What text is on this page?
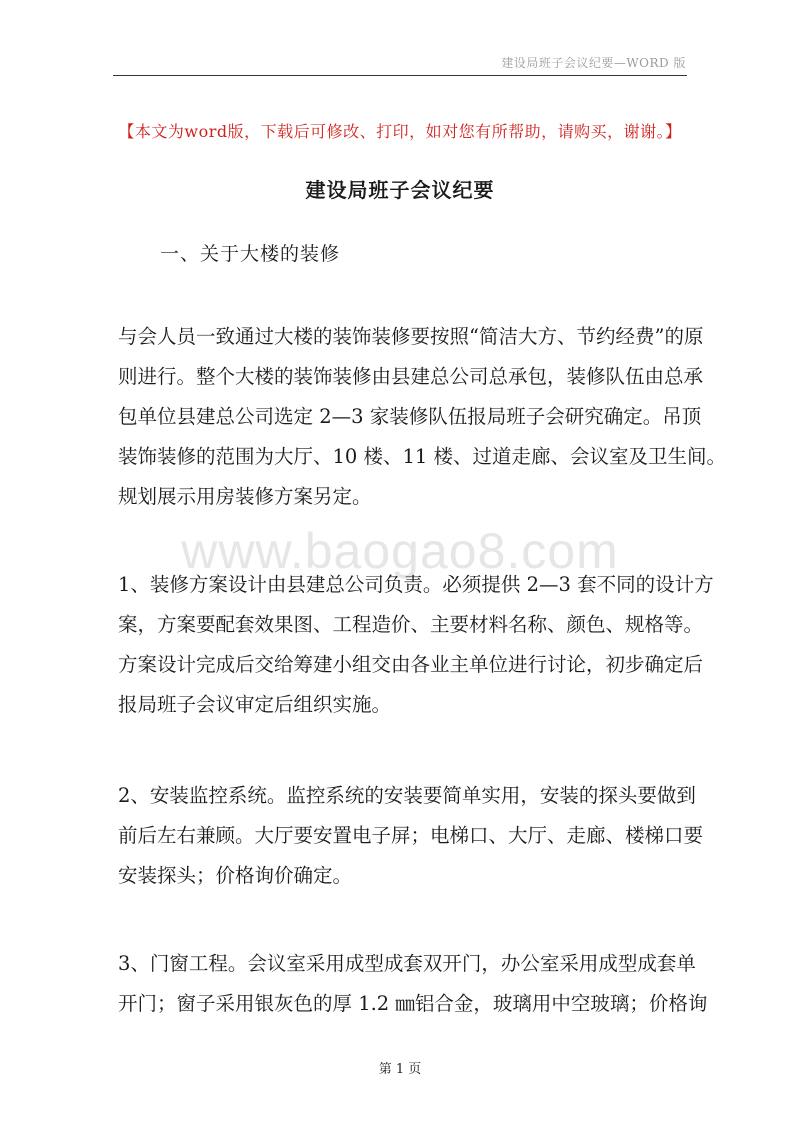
建设局班子会议纪要—WORD 版
【本文为word版，下载后可修改、打印，如对您有所帮助，请购买，谢谢。】
建设局班子会议纪要
一、关于大楼的装修
与会人员一致通过大楼的装饰装修要按照“简洁大方、节约经费”的原
则进行。整个大楼的装饰装修由县建总公司总承包，装修队伍由总承
包单位县建总公司选定 2—3 家装修队伍报局班子会研究确定。吊顶
装饰装修的范围为大厅、10 楼、11 楼、过道走廊、会议室及卫生间。
规划展示用房装修方案另定。
www.baogao8.com
1、装修方案设计由县建总公司负责。必须提供 2—3 套不同的设计方
案，方案要配套效果图、工程造价、主要材料名称、颜色、规格等。
方案设计完成后交给筹建小组交由各业主单位进行讨论，初步确定后
报局班子会议审定后组织实施。
2、安装监控系统。监控系统的安装要简单实用，安装的探头要做到
前后左右兼顾。大厅要安置电子屏；电梯口、大厅、走廊、楼梯口要
安装探头；价格询价确定。
3、门窗工程。会议室采用成型成套双开门，办公室采用成型成套单
开门；窗子采用银灰色的厚 1.2 ㎜铝合金，玻璃用中空玻璃；价格询
第 1 页
